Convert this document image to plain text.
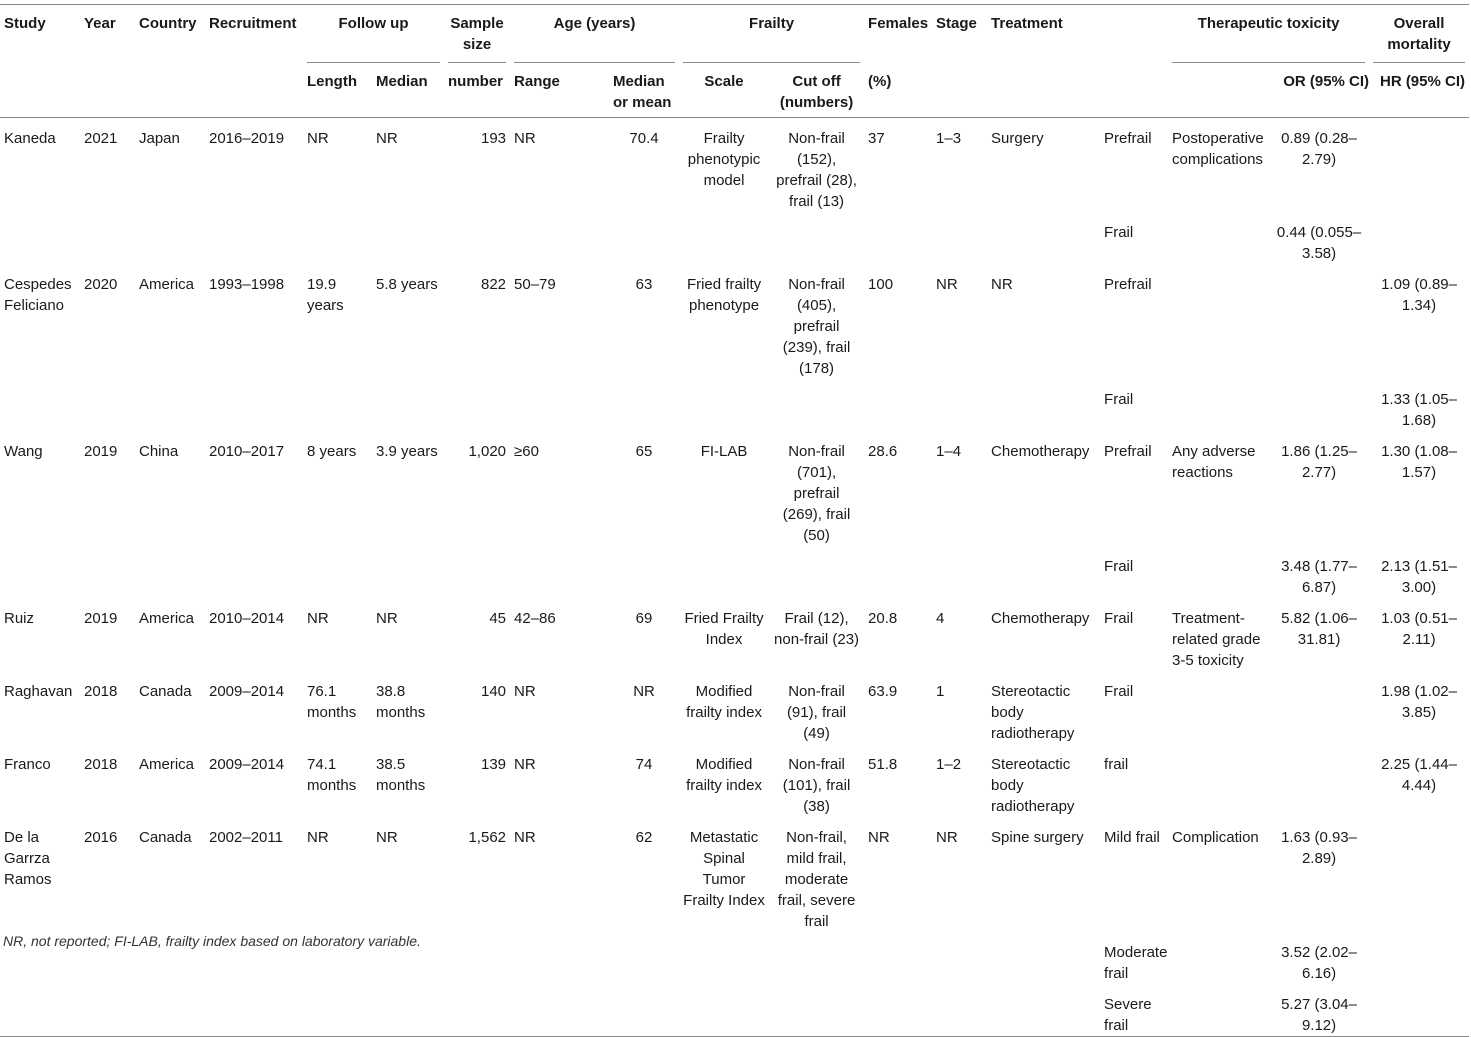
Study	Year	Country	Recruitment	Follow up		Sample size	Age (years)		Frailty		Females	Stage	Treatment		Therapeutic toxicity		Overall mortality
				Length	Median	number	Range	Median or mean	Scale	Cut off (numbers)	(%)					OR (95% CI)	HR (95% CI)
Kaneda	2021	Japan	2016–2019	NR	NR	193	NR	70.4	Frailty phenotypic model	Non-frail (152), prefrail (28), frail (13)	37	1–3	Surgery	Prefrail	Postoperative complications	0.89 (0.28–2.79)	
														Frail		0.44 (0.055–3.58)	
Cespedes Feliciano	2020	America	1993–1998	19.9 years	5.8 years	822	50–79	63	Fried frailty phenotype	Non-frail (405), prefrail (239), frail (178)	100	NR	NR	Prefrail			1.09 (0.89–1.34)
														Frail			1.33 (1.05–1.68)
Wang	2019	China	2010–2017	8 years	3.9 years	1,020	≥60	65	FI-LAB	Non-frail (701), prefrail (269), frail (50)	28.6	1–4	Chemotherapy	Prefrail	Any adverse reactions	1.86 (1.25–2.77)	1.30 (1.08–1.57)
														Frail		3.48 (1.77–6.87)	2.13 (1.51–3.00)
Ruiz	2019	America	2010–2014	NR	NR	45	42–86	69	Fried Frailty Index	Frail (12), non-frail (23)	20.8	4	Chemotherapy	Frail	Treatment-related grade 3-5 toxicity	5.82 (1.06–31.81)	1.03 (0.51–2.11)
Raghavan	2018	Canada	2009–2014	76.1 months	38.8 months	140	NR	NR	Modified frailty index	Non-frail (91), frail (49)	63.9	1	Stereotactic body radiotherapy	Frail			1.98 (1.02–3.85)
Franco	2018	America	2009–2014	74.1 months	38.5 months	139	NR	74	Modified frailty index	Non-frail (101), frail (38)	51.8	1–2	Stereotactic body radiotherapy	frail			2.25 (1.44–4.44)
De la Garrza Ramos	2016	Canada	2002–2011	NR	NR	1,562	NR	62	Metastatic Spinal Tumor Frailty Index	Non-frail, mild frail, moderate frail, severe frail	NR	NR	Spine surgery	Mild frail	Complication	1.63 (0.93–2.89)	
														Moderate frail		3.52 (2.02–6.16)	
														Severe frail		5.27 (3.04–9.12)	
NR, not reported; FI-LAB, frailty index based on laboratory variable.
